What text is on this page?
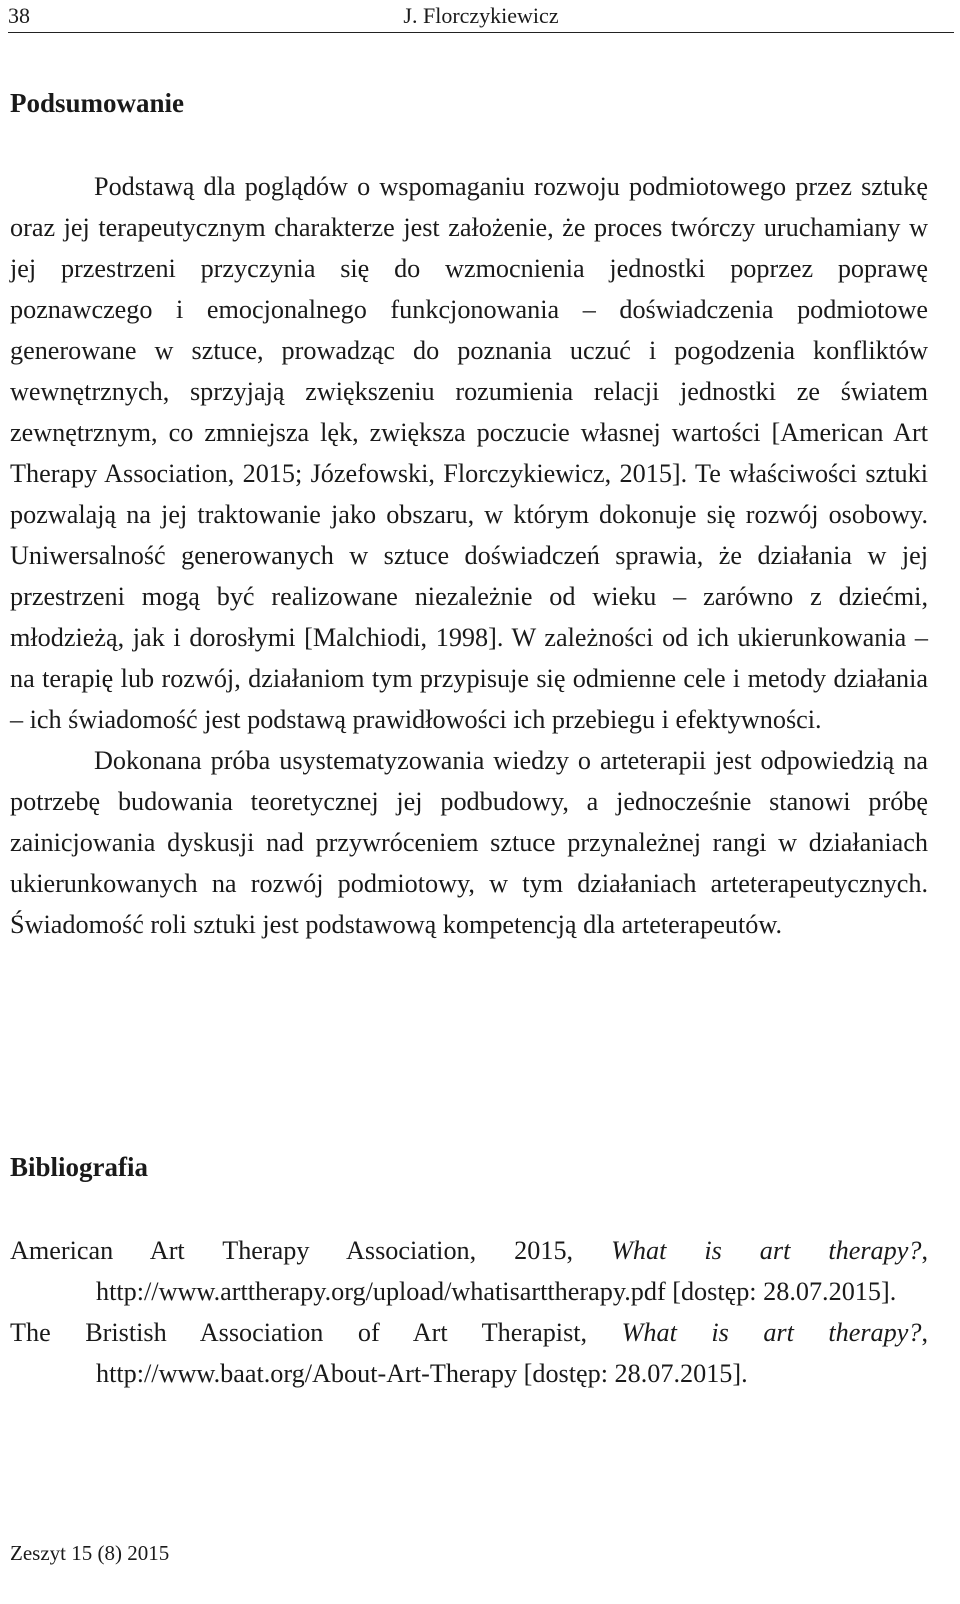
38	J. Florczykiewicz
Podsumowanie

Podstawą dla poglądów o wspomaganiu rozwoju podmiotowego przez sztukę oraz jej terapeutycznym charakterze jest założenie, że proces twórczy uruchamiany w jej przestrzeni przyczynia się do wzmocnienia jednostki poprzez poprawę poznawczego i emocjonalnego funkcjonowania – doświadczenia podmiotowe generowane w sztuce, prowadząc do poznania uczuć i pogodzenia konfliktów wewnętrznych, sprzyjają zwiększeniu rozumienia relacji jednostki ze światem zewnętrznym, co zmniejsza lęk, zwiększa poczucie własnej wartości [American Art Therapy Association, 2015; Józefowski, Florczykiewicz, 2015]. Te właściwości sztuki pozwalają na jej traktowanie jako obszaru, w którym dokonuje się rozwój osobowy. Uniwersalność generowanych w sztuce doświadczeń sprawia, że działania w jej przestrzeni mogą być realizowane niezależnie od wieku – zarówno z dziećmi, młodzieżą, jak i dorosłymi [Malchiodi, 1998]. W zależności od ich ukierunkowania – na terapię lub rozwój, działaniom tym przypisuje się odmienne cele i metody działania – ich świadomość jest podstawą prawidłowości ich przebiegu i efektywności.

Dokonana próba usystematyzowania wiedzy o arteterapii jest odpowiedzią na potrzebę budowania teoretycznej jej podbudowy, a jednocześnie stanowi próbę zainicjowania dyskusji nad przywróceniem sztuce przynależnej rangi w działaniach ukierunkowanych na rozwój podmiotowy, w tym działaniach arteterapeutycznych. Świadomość roli sztuki jest podstawową kompetencją dla arteterapeutów.

Bibliografia
American Art Therapy Association, 2015, What is art therapy?, http://www.arttherapy.org/upload/whatisarttherapy.pdf [dostęp: 28.07.2015].
The Bristish Association of Art Therapist, What is art therapy?, http://www.baat.org/About-Art-Therapy [dostęp: 28.07.2015].
Zeszyt 15 (8) 2015
